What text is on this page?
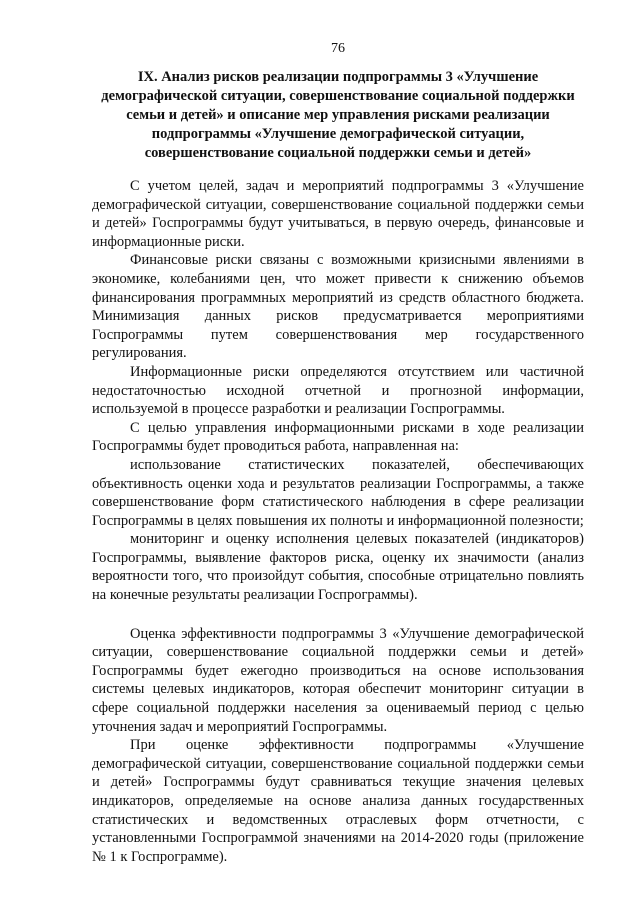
76
IX. Анализ рисков реализации подпрограммы 3 «Улучшение демографической ситуации, совершенствование социальной поддержки семьи и детей» и описание мер управления рисками реализации подпрограммы «Улучшение демографической ситуации, совершенствование социальной поддержки семьи и детей»

С учетом целей, задач и мероприятий подпрограммы 3 «Улучшение демографической ситуации, совершенствование социальной поддержки семьи и детей» Госпрограммы будут учитываться, в первую очередь, финансовые и информационные риски.

Финансовые риски связаны с возможными кризисными явлениями в экономике, колебаниями цен, что может привести к снижению объемов финансирования программных мероприятий из средств областного бюджета. Минимизация данных рисков предусматривается мероприятиями Госпрограммы путем совершенствования мер государственного регулирования.

Информационные риски определяются отсутствием или частичной недостаточностью исходной отчетной и прогнозной информации, используемой в процессе разработки и реализации Госпрограммы.

С целью управления информационными рисками в ходе реализации Госпрограммы будет проводиться работа, направленная на:

использование статистических показателей, обеспечивающих объективность оценки хода и результатов реализации Госпрограммы, а также совершенствование форм статистического наблюдения в сфере реализации Госпрограммы в целях повышения их полноты и информационной полезности;

мониторинг и оценку исполнения целевых показателей (индикаторов) Госпрограммы, выявление факторов риска, оценку их значимости (анализ вероятности того, что произойдут события, способные отрицательно повлиять на конечные результаты реализации Госпрограммы).

Оценка эффективности подпрограммы 3 «Улучшение демографической ситуации, совершенствование социальной поддержки семьи и детей» Госпрограммы будет ежегодно производиться на основе использования системы целевых индикаторов, которая обеспечит мониторинг ситуации в сфере социальной поддержки населения за оцениваемый период с целью уточнения задач и мероприятий Госпрограммы.

При оценке эффективности подпрограммы «Улучшение демографической ситуации, совершенствование социальной поддержки семьи и детей» Госпрограммы будут сравниваться текущие значения целевых индикаторов, определяемые на основе анализа данных государственных статистических и ведомственных отраслевых форм отчетности, с установленными Госпрограммой значениями на 2014-2020 годы (приложение № 1 к Госпрограмме).
